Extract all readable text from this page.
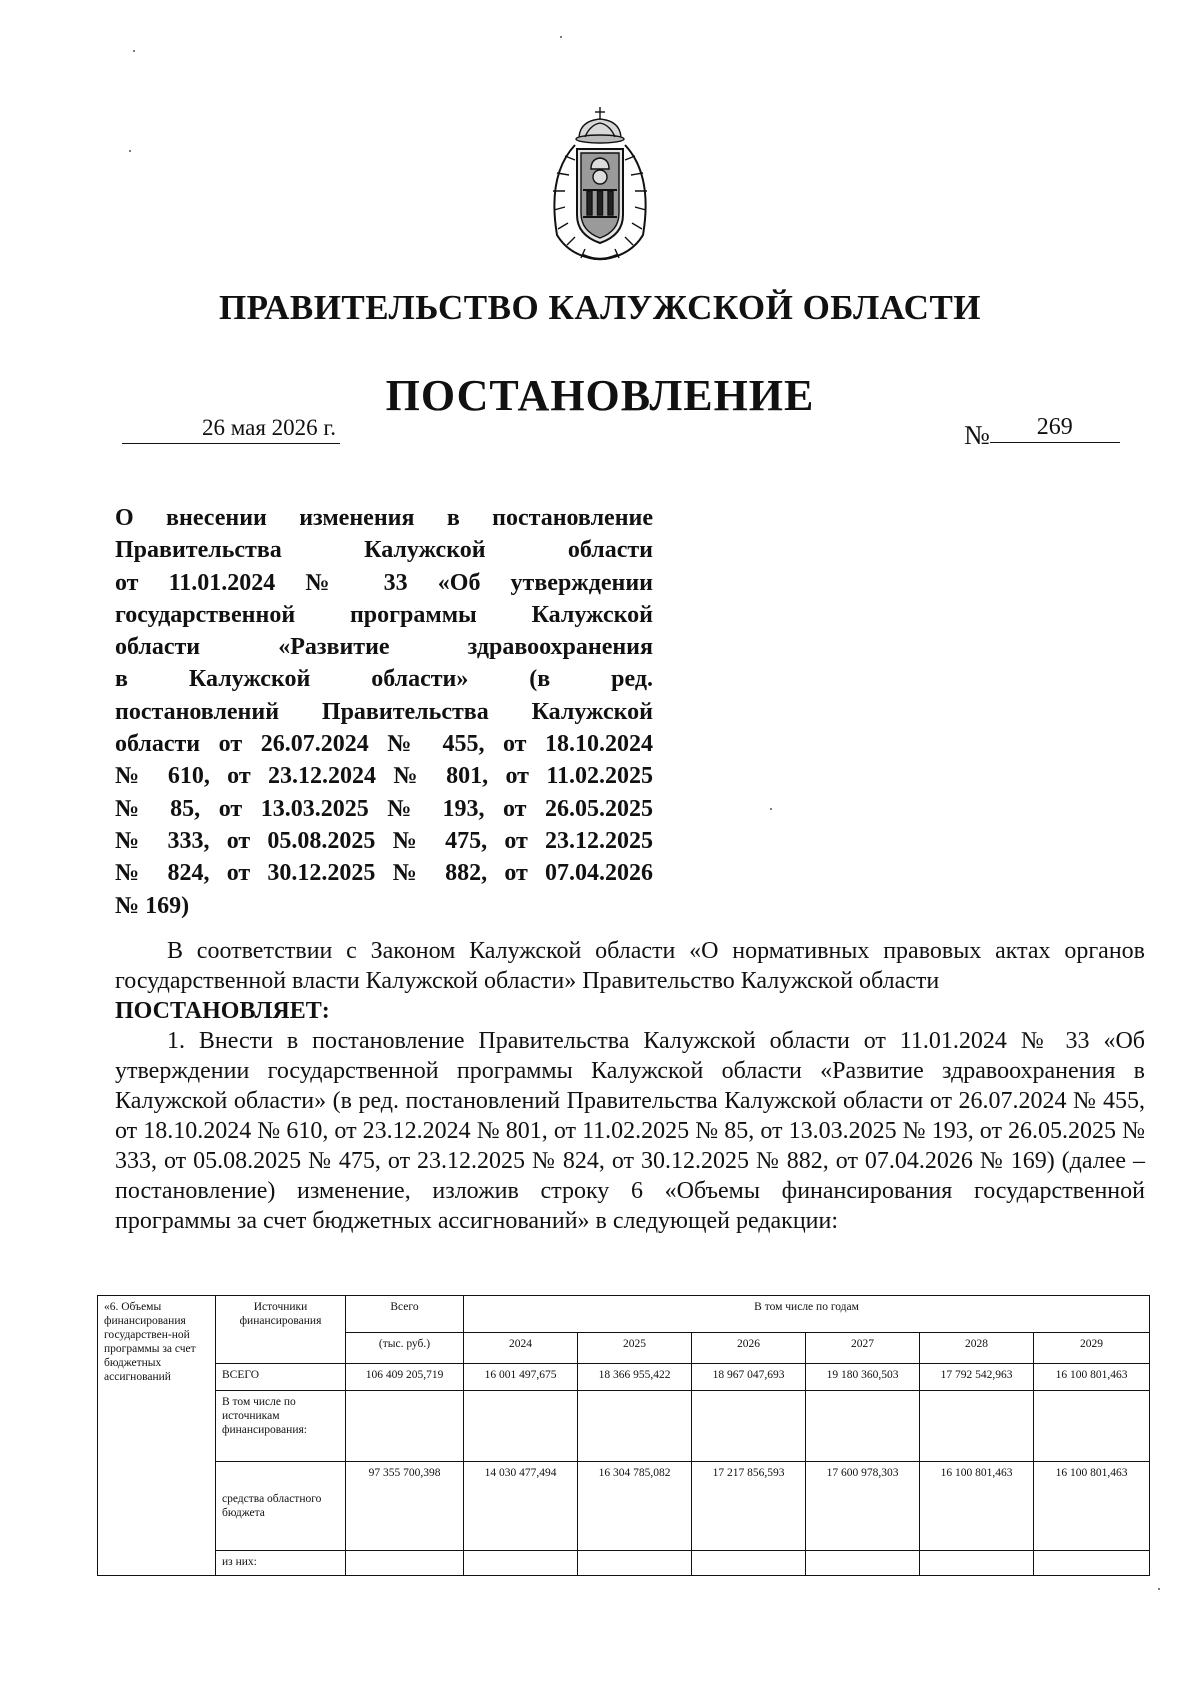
ПРАВИТЕЛЬСТВО КАЛУЖСКОЙ ОБЛАСТИ
ПОСТАНОВЛЕНИЕ
26 мая 2026 г.	№ 269
О внесении изменения в постановление
Правительства Калужской области
от 11.01.2024 № 33 «Об утверждении
государственной программы Калужской
области «Развитие здравоохранения
в Калужской области» (в ред.
постановлений Правительства Калужской
области от 26.07.2024 № 455, от 18.10.2024
№ 610, от 23.12.2024 № 801, от 11.02.2025
№ 85, от 13.03.2025 № 193, от 26.05.2025
№ 333, от 05.08.2025 № 475, от 23.12.2025
№ 824, от 30.12.2025 № 882, от 07.04.2026
№ 169)

В соответствии с Законом Калужской области «О нормативных правовых актах органов государственной власти Калужской области» Правительство Калужской области

ПОСТАНОВЛЯЕТ:

1. Внести в постановление Правительства Калужской области от 11.01.2024 № 33 «Об утверждении государственной программы Калужской области «Развитие здравоохранения в Калужской области» (в ред. постановлений Правительства Калужской области от 26.07.2024 № 455, от 18.10.2024 № 610, от 23.12.2024 № 801, от 11.02.2025 № 85, от 13.03.2025 № 193, от 26.05.2025 № 333, от 05.08.2025 № 475, от 23.12.2025 № 824, от 30.12.2025 № 882, от 07.04.2026 № 169) (далее – постановление) изменение, изложив строку 6 «Объемы финансирования государственной программы за счет бюджетных ассигнований» в следующей редакции:

«6. Объемы финансирования государствен-ной программы за счет бюджетных ассигнований	Источники финансирования	Всего	В том числе по годам					
		(тыс. руб.)	2024	2025	2026	2027	2028	2029
	ВСЕГО	106 409 205,719	16 001 497,675	18 366 955,422	18 967 047,693	19 180 360,503	17 792 542,963	16 100 801,463
	В том числе по источникам финансирования:							
	средства областного бюджета	97 355 700,398	14 030 477,494	16 304 785,082	17 217 856,593	17 600 978,303	16 100 801,463	16 100 801,463
	из них:							
